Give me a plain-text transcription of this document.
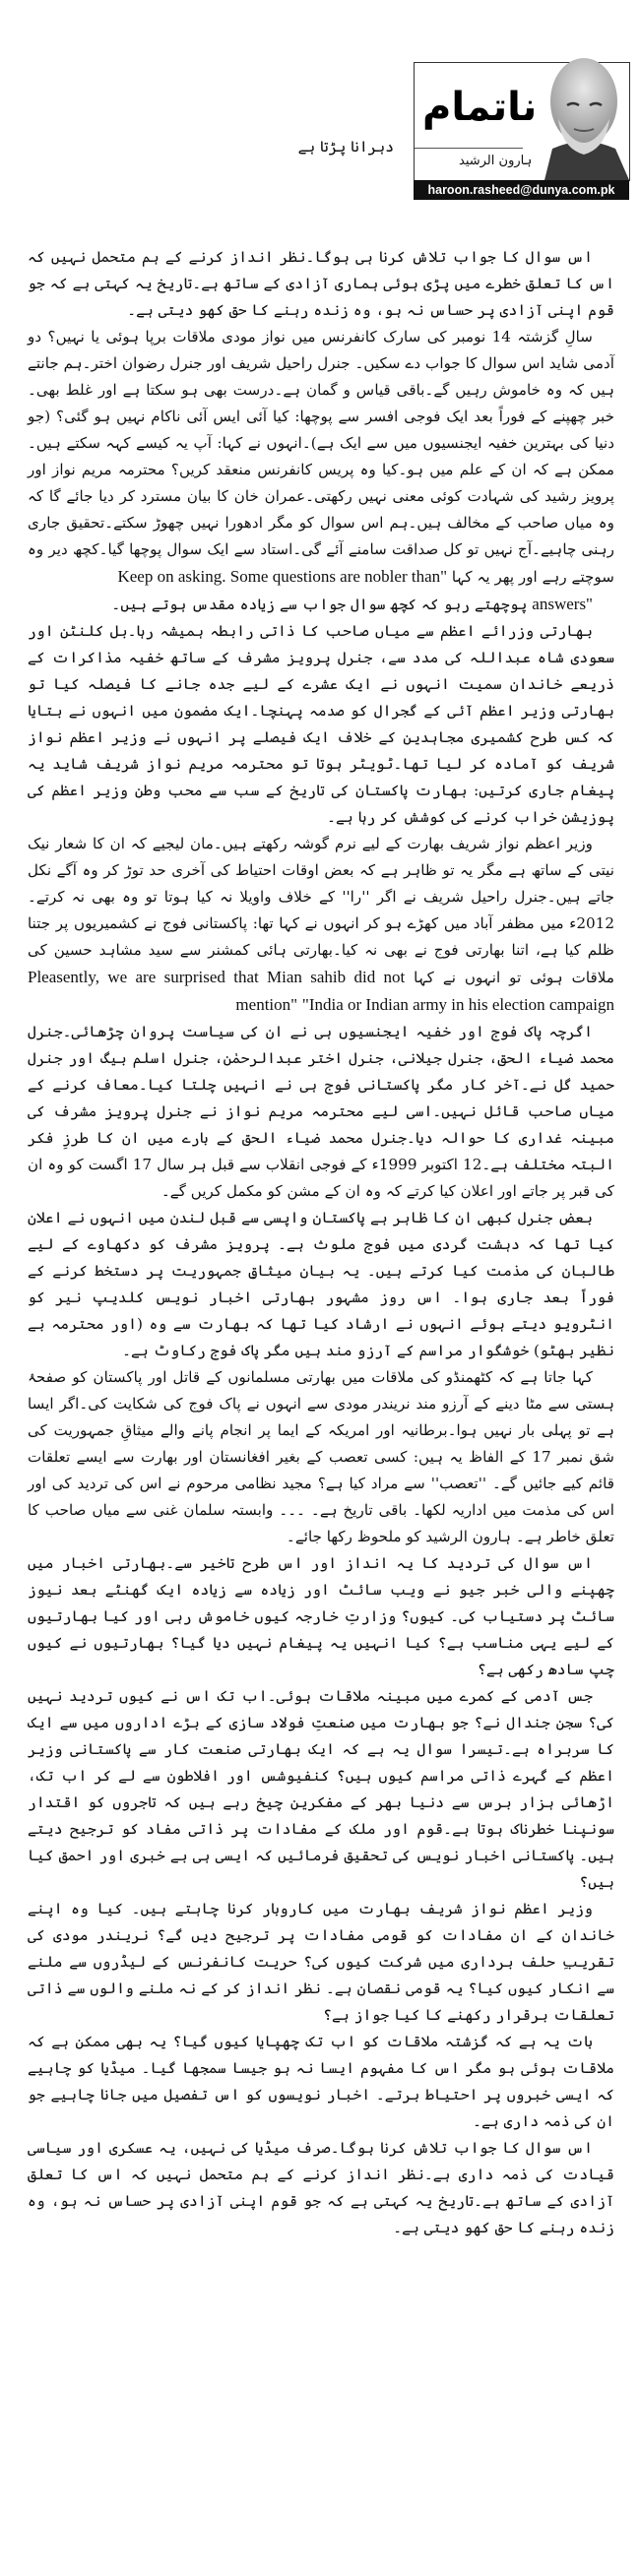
ناتمام
ہارون الرشید
haroon.rasheed@dunya.com.pk
دہرانا پڑتا ہے

اس سوال کا جواب تلاش کرنا ہی ہوگا۔نظر انداز کرنے کے ہم متحمل نہیں کہ اس کا تعلق خطرے میں پڑی ہوئی ہماری آزادی کے ساتھ ہے۔تاریخ یہ کہتی ہے کہ جو قوم اپنی آزادی پر حساس نہ ہو، وہ زندہ رہنے کا حق کھو دیتی ہے۔

سالِ گزشتہ 14 نومبر کی سارک کانفرنس میں نواز مودی ملاقات برپا ہوئی یا نہیں؟ دو آدمی شاید اس سوال کا جواب دے سکیں۔ جنرل راحیل شریف اور جنرل رضوان اختر۔ہم جانتے ہیں کہ وہ خاموش رہیں گے۔باقی قیاس و گمان ہے۔درست بھی ہو سکتا ہے اور غلط بھی۔خبر چھپنے کے فوراً بعد ایک فوجی افسر سے پوچھا: کیا آئی ایس آئی ناکام نہیں ہو گئی؟ (جو دنیا کی بہترین خفیہ ایجنسیوں میں سے ایک ہے)۔انہوں نے کہا: آپ یہ کیسے کہہ سکتے ہیں۔ممکن ہے کہ ان کے علم میں ہو۔کیا وہ پریس کانفرنس منعقد کریں؟ محترمہ مریم نواز اور پرویز رشید کی شہادت کوئی معنی نہیں رکھتی۔عمران خان کا بیان مسترد کر دیا جائے گا کہ وہ میاں صاحب کے مخالف ہیں۔ہم اس سوال کو مگر ادھورا نہیں چھوڑ سکتے۔تحقیق جاری رہنی چاہیے۔آج نہیں تو کل صداقت سامنے آئے گی۔استاد سے ایک سوال پوچھا گیا۔کچھ دیر وہ سوچتے رہے اور پھر یہ کہا Keep on asking. Some questions are nobler than"

answers" پوچھتے رہو کہ کچھ سوال جواب سے زیادہ مقدس ہوتے ہیں۔

بھارتی وزرائے اعظم سے میاں صاحب کا ذاتی رابطہ ہمیشہ رہا۔بل کلنٹن اور سعودی شاہ عبداللہ کی مدد سے، جنرل پرویز مشرف کے ساتھ خفیہ مذاکرات کے ذریعے خاندان سمیت انہوں نے ایک عشرے کے لیے جدہ جانے کا فیصلہ کیا تو بھارتی وزیر اعظم آئی کے گجرال کو صدمہ پہنچا۔ایک مضمون میں انہوں نے بتایا کہ کس طرح کشمیری مجاہدین کے خلاف ایک فیصلے پر انہوں نے وزیر اعظم نواز شریف کو آمادہ کر لیا تھا۔ٹویٹر ہوتا تو محترمہ مریم نواز شریف شاید یہ پیغام جاری کرتیں: بھارت پاکستان کی تاریخ کے سب سے محب وطن وزیر اعظم کی پوزیشن خراب کرنے کی کوشش کر رہا ہے۔

وزیر اعظم نواز شریف بھارت کے لیے نرم گوشہ رکھتے ہیں۔مان لیجیے کہ ان کا شعار نیک نیتی کے ساتھ ہے مگر یہ تو ظاہر ہے کہ بعض اوقات احتیاط کی آخری حد توڑ کر وہ آگے نکل جاتے ہیں۔جنرل راحیل شریف نے اگر ''را'' کے خلاف واویلا نہ کیا ہوتا تو وہ بھی نہ کرتے۔2012ء میں مظفر آباد میں کھڑے ہو کر انہوں نے کہا تھا: پاکستانی فوج نے کشمیریوں پر جتنا ظلم کیا ہے، اتنا بھارتی فوج نے بھی نہ کیا۔بھارتی ہائی کمشنر سے سید مشاہد حسین کی ملاقات ہوئی تو انہوں نے کہا Pleasently, we are surprised that Mian sahib did not mention" "India or Indian army in his election campaign

اگرچہ پاک فوج اور خفیہ ایجنسیوں ہی نے ان کی سیاست پروان چڑھائی۔جنرل محمد ضیاء الحق، جنرل جیلانی، جنرل اختر عبدالرحمٰن، جنرل اسلم بیگ اور جنرل حمید گل نے۔آخر کار مگر پاکستانی فوج ہی نے انہیں چلتا کیا۔معاف کرنے کے میاں صاحب قائل نہیں۔اسی لیے محترمہ مریم نواز نے جنرل پرویز مشرف کی مبینہ غداری کا حوالہ دیا۔جنرل محمد ضیاء الحق کے بارے میں ان کا طرزِ فکر البتہ مختلف ہے۔12 اکتوبر 1999ء کے فوجی انقلاب سے قبل ہر سال 17 اگست کو وہ ان کی قبر پر جاتے اور اعلان کیا کرتے کہ وہ ان کے مشن کو مکمل کریں گے۔

بعض جنرل کبھی ان کا ظاہر ہے پاکستان واپسی سے قبل لندن میں انہوں نے اعلان کیا تھا کہ دہشت گردی میں فوج ملوث ہے۔ پرویز مشرف کو دکھاوے کے لیے طالبان کی مذمت کیا کرتے ہیں۔ یہ بیان میثاقِ جمہوریت پر دستخط کرنے کے فوراً بعد جاری ہوا۔ اس روز مشہور بھارتی اخبار نویس کلدیپ نیر کو انٹرویو دیتے ہوئے انہوں نے ارشاد کیا تھا کہ بھارت سے وہ (اور محترمہ بے نظیر بھٹو) خوشگوار مراسم کے آرزو مند ہیں مگر پاک فوج رکاوٹ ہے۔

کہا جاتا ہے کہ کٹھمنڈو کی ملاقات میں بھارتی مسلمانوں کے قاتل اور پاکستان کو صفحۂ ہستی سے مٹا دینے کے آرزو مند نریندر مودی سے انہوں نے پاک فوج کی شکایت کی۔اگر ایسا ہے تو پہلی بار نہیں ہوا۔برطانیہ اور امریکہ کے ایما پر انجام پانے والے میثاقِ جمہوریت کی شق نمبر 17 کے الفاظ یہ ہیں: کسی تعصب کے بغیر افغانستان اور بھارت سے ایسے تعلقات قائم کیے جائیں گے۔ ''تعصب'' سے مراد کیا ہے؟ مجید نظامی مرحوم نے اس کی تردید کی اور اس کی مذمت میں اداریہ لکھا۔ باقی تاریخ ہے۔ ۔۔۔ وابستہ سلمان غنی سے میاں صاحب کا تعلق خاطر ہے۔ ہارون الرشید کو ملحوظ رکھا جائے۔

اس سوال کی تردید کا یہ انداز اور اس طرح تاخیر سے۔بھارتی اخبار میں چھپنے والی خبر جیو نے ویب سائٹ اور زیادہ سے زیادہ ایک گھنٹے بعد نیوز سائٹ پر دستیاب کی۔ کیوں؟ وزارتِ خارجہ کیوں خاموش رہی اور کیا بھارتیوں کے لیے یہی مناسب ہے؟ کیا انہیں یہ پیغام نہیں دیا گیا؟ بھارتیوں نے کیوں چپ سادھ رکھی ہے؟

جس آدمی کے کمرے میں مبینہ ملاقات ہوئی۔اب تک اس نے کیوں تردید نہیں کی؟ سجن جندال نے؟ جو بھارت میں صنعتِ فولاد سازی کے بڑے اداروں میں سے ایک کا سربراہ ہے۔تیسرا سوال یہ ہے کہ ایک بھارتی صنعت کار سے پاکستانی وزیر اعظم کے گہرے ذاتی مراسم کیوں ہیں؟ کنفیوشس اور افلاطون سے لے کر اب تک، اڑھائی ہزار برس سے دنیا بھر کے مفکرین چیخ رہے ہیں کہ تاجروں کو اقتدار سونپنا خطرناک ہوتا ہے۔قوم اور ملک کے مفادات پر ذاتی مفاد کو ترجیح دیتے ہیں۔ پاکستانی اخبار نویس کی تحقیق فرمائیں کہ ایسی ہی بے خبری اور احمق کیا ہیں؟

وزیر اعظم نواز شریف بھارت میں کاروبار کرنا چاہتے ہیں۔ کیا وہ اپنے خاندان کے ان مفادات کو قومی مفادات پر ترجیح دیں گے؟ نریندر مودی کی تقریبِ حلف برداری میں شرکت کیوں کی؟ حریت کانفرنس کے لیڈروں سے ملنے سے انکار کیوں کیا؟ یہ قومی نقصان ہے۔ نظر انداز کر کے نہ ملنے والوں سے ذاتی تعلقات برقرار رکھنے کا کیا جواز ہے؟

بات یہ ہے کہ گزشتہ ملاقات کو اب تک چھپایا کیوں گیا؟ یہ بھی ممکن ہے کہ ملاقات ہوئی ہو مگر اس کا مفہوم ایسا نہ ہو جیسا سمجھا گیا۔ میڈیا کو چاہیے کہ ایسی خبروں پر احتیاط برتے۔ اخبار نویسوں کو اس تفصیل میں جانا چاہیے جو ان کی ذمہ داری ہے۔

اس سوال کا جواب تلاش کرنا ہوگا۔صرف میڈیا کی نہیں، یہ عسکری اور سیاسی قیادت کی ذمہ داری ہے۔نظر انداز کرنے کے ہم متحمل نہیں کہ اس کا تعلق آزادی کے ساتھ ہے۔تاریخ یہ کہتی ہے کہ جو قوم اپنی آزادی پر حساس نہ ہو، وہ زندہ رہنے کا حق کھو دیتی ہے۔
